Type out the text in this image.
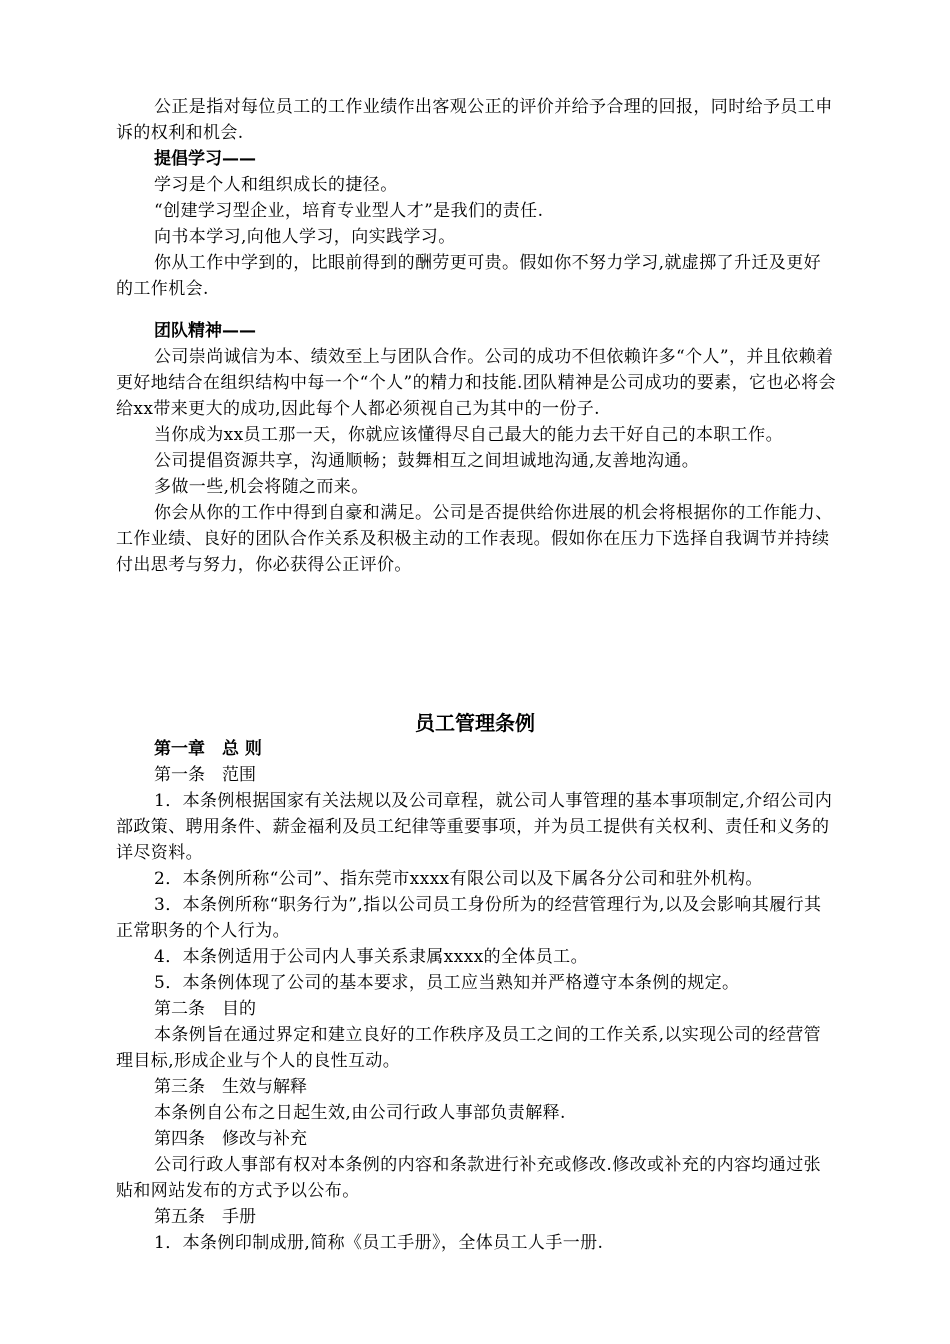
公正是指对每位员工的工作业绩作出客观公正的评价并给予合理的回报，同时给予员工申诉的权利和机会.

提倡学习——

学习是个人和组织成长的捷径。

“创建学习型企业，培育专业型人才”是我们的责任.

向书本学习,向他人学习，向实践学习。

你从工作中学到的，比眼前得到的酬劳更可贵。假如你不努力学习,就虚掷了升迁及更好的工作机会.

团队精神——

公司崇尚诚信为本、绩效至上与团队合作。公司的成功不但依赖许多“个人”，并且依赖着更好地结合在组织结构中每一个“个人”的精力和技能.团队精神是公司成功的要素，它也必将会给xx带来更大的成功,因此每个人都必须视自己为其中的一份子.

当你成为xx员工那一天，你就应该懂得尽自己最大的能力去干好自己的本职工作。

公司提倡资源共享，沟通顺畅；鼓舞相互之间坦诚地沟通,友善地沟通。

多做一些,机会将随之而来。

你会从你的工作中得到自豪和满足。公司是否提供给你进展的机会将根据你的工作能力、工作业绩、良好的团队合作关系及积极主动的工作表现。假如你在压力下选择自我调节并持续付出思考与努力，你必获得公正评价。

员工管理条例

第一章　总 则

第一条　范围

1．本条例根据国家有关法规以及公司章程，就公司人事管理的基本事项制定,介绍公司内部政策、聘用条件、薪金福利及员工纪律等重要事项，并为员工提供有关权利、责任和义务的详尽资料。

2．本条例所称“公司”、指东莞市xxxx有限公司以及下属各分公司和驻外机构。

3．本条例所称“职务行为”,指以公司员工身份所为的经营管理行为,以及会影响其履行其正常职务的个人行为。

4．本条例适用于公司内人事关系隶属xxxx的全体员工。

5．本条例体现了公司的基本要求，员工应当熟知并严格遵守本条例的规定。

第二条　目的

本条例旨在通过界定和建立良好的工作秩序及员工之间的工作关系,以实现公司的经营管理目标,形成企业与个人的良性互动。

第三条　生效与解释

本条例自公布之日起生效,由公司行政人事部负责解释.

第四条　修改与补充

公司行政人事部有权对本条例的内容和条款进行补充或修改.修改或补充的内容均通过张贴和网站发布的方式予以公布。

第五条　手册

1．本条例印制成册,简称《员工手册》，全体员工人手一册.
